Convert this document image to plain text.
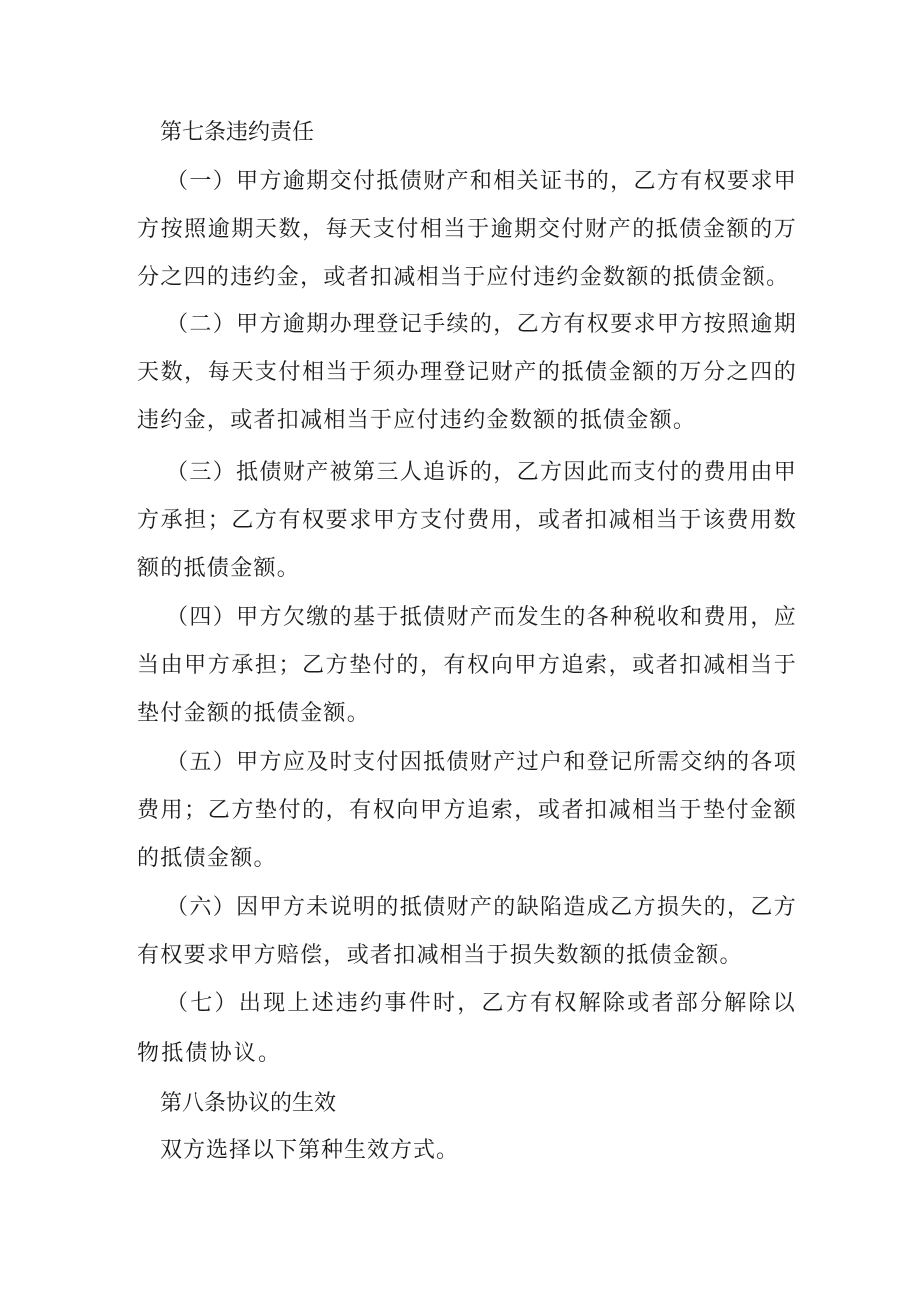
第七条违约责任

（一）甲方逾期交付抵债财产和相关证书的，乙方有权要求甲方按照逾期天数，每天支付相当于逾期交付财产的抵债金额的万分之四的违约金，或者扣减相当于应付违约金数额的抵债金额。

（二）甲方逾期办理登记手续的，乙方有权要求甲方按照逾期天数，每天支付相当于须办理登记财产的抵债金额的万分之四的违约金，或者扣减相当于应付违约金数额的抵债金额。

（三）抵债财产被第三人追诉的，乙方因此而支付的费用由甲方承担；乙方有权要求甲方支付费用，或者扣减相当于该费用数额的抵债金额。

（四）甲方欠缴的基于抵债财产而发生的各种税收和费用，应当由甲方承担；乙方垫付的，有权向甲方追索，或者扣减相当于垫付金额的抵债金额。

（五）甲方应及时支付因抵债财产过户和登记所需交纳的各项费用；乙方垫付的，有权向甲方追索，或者扣减相当于垫付金额的抵债金额。

（六）因甲方未说明的抵债财产的缺陷造成乙方损失的，乙方有权要求甲方赔偿，或者扣减相当于损失数额的抵债金额。

（七）出现上述违约事件时，乙方有权解除或者部分解除以物抵债协议。

第八条协议的生效

双方选择以下第种生效方式。
